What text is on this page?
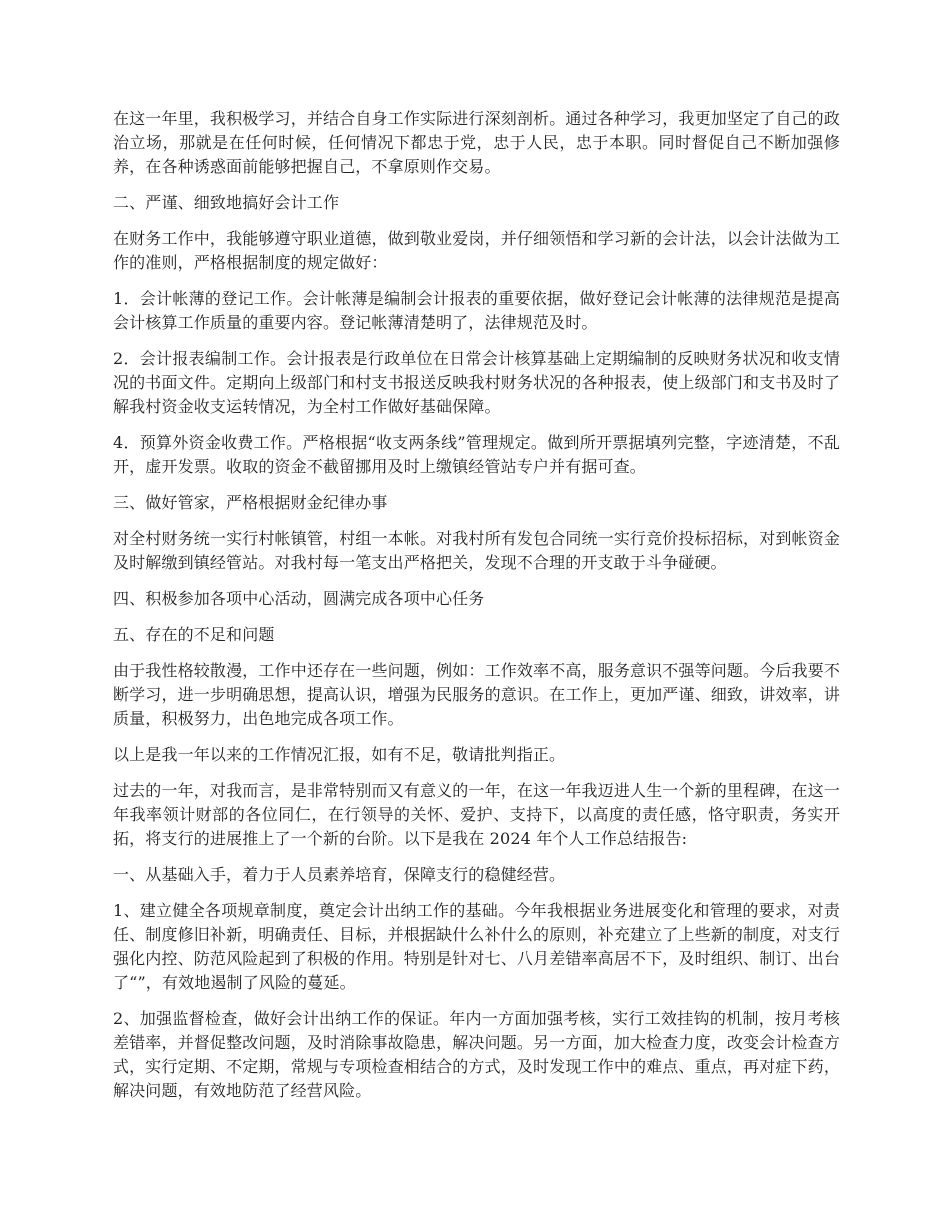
在这一年里，我积极学习，并结合自身工作实际进行深刻剖析。通过各种学习，我更加坚定了自己的政治立场，那就是在任何时候，任何情况下都忠于党，忠于人民，忠于本职。同时督促自己不断加强修养，在各种诱惑面前能够把握自己，不拿原则作交易。

二、严谨、细致地搞好会计工作

在财务工作中，我能够遵守职业道德，做到敬业爱岗，并仔细领悟和学习新的会计法，以会计法做为工作的准则，严格根据制度的规定做好：

1．会计帐薄的登记工作。会计帐薄是编制会计报表的重要依据，做好登记会计帐薄的法律规范是提高会计核算工作质量的重要内容。登记帐薄清楚明了，法律规范及时。

2．会计报表编制工作。会计报表是行政单位在日常会计核算基础上定期编制的反映财务状况和收支情况的书面文件。定期向上级部门和村支书报送反映我村财务状况的各种报表，使上级部门和支书及时了解我村资金收支运转情况，为全村工作做好基础保障。

4．预算外资金收费工作。严格根据“收支两条线”管理规定。做到所开票据填列完整，字迹清楚，不乱开，虚开发票。收取的资金不截留挪用及时上缴镇经管站专户并有据可查。

三、做好管家，严格根据财金纪律办事

对全村财务统一实行村帐镇管，村组一本帐。对我村所有发包合同统一实行竞价投标招标，对到帐资金及时解缴到镇经管站。对我村每一笔支出严格把关，发现不合理的开支敢于斗争碰硬。

四、积极参加各项中心活动，圆满完成各项中心任务

五、存在的不足和问题

由于我性格较散漫，工作中还存在一些问题，例如：工作效率不高，服务意识不强等问题。今后我要不断学习，进一步明确思想，提高认识，增强为民服务的意识。在工作上，更加严谨、细致，讲效率，讲质量，积极努力，出色地完成各项工作。

以上是我一年以来的工作情况汇报，如有不足，敬请批判指正。

过去的一年，对我而言，是非常特别而又有意义的一年，在这一年我迈进人生一个新的里程碑，在这一年我率领计财部的各位同仁，在行领导的关怀、爱护、支持下，以高度的责任感，恪守职责，务实开拓，将支行的进展推上了一个新的台阶。以下是我在 2024 年个人工作总结报告:

一、从基础入手，着力于人员素养培育，保障支行的稳健经营。

1、建立健全各项规章制度，奠定会计出纳工作的基础。今年我根据业务进展变化和管理的要求，对责任、制度修旧补新，明确责任、目标，并根据缺什么补什么的原则，补充建立了上些新的制度，对支行强化内控、防范风险起到了积极的作用。特别是针对七、八月差错率高居不下，及时组织、制订、出台了“”，有效地遏制了风险的蔓延。

2、加强监督检查，做好会计出纳工作的保证。年内一方面加强考核，实行工效挂钩的机制，按月考核差错率，并督促整改问题，及时消除事故隐患，解决问题。另一方面，加大检查力度，改变会计检查方式，实行定期、不定期，常规与专项检查相结合的方式，及时发现工作中的难点、重点，再对症下药，解决问题，有效地防范了经营风险。
